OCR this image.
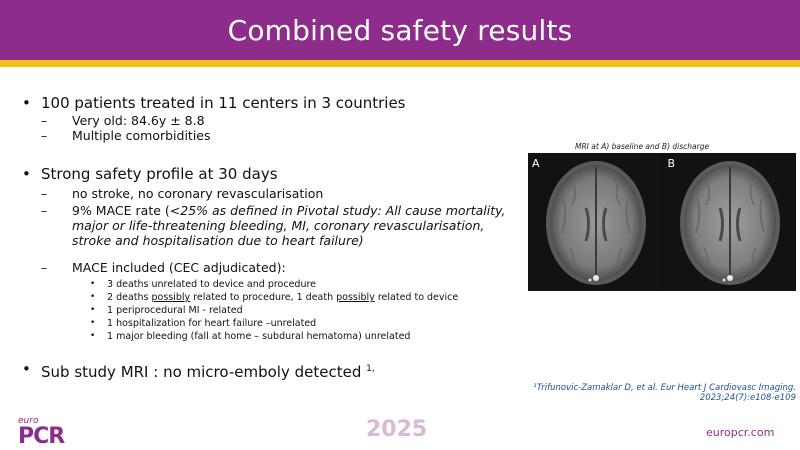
Combined safety results
• 100 patients treated in 11 centers in 3 countries
– Very old: 84.6y ± 8.8
– Multiple comorbidities
• Strong safety profile at 30 days
– no stroke, no coronary revascularisation
– 9% MACE rate (<25% as defined in Pivotal study: All cause mortality, major or life-threatening bleeding, MI, coronary revascularisation, stroke and hospitalisation due to heart failure)
– MACE included (CEC adjudicated):
• 3 deaths unrelated to device and procedure
• 2 deaths possibly related to procedure, 1 death possibly related to device
• 1 periprocedural MI - related
• 1 hospitalization for heart failure –unrelated
• 1 major bleeding (fall at home – subdural hematoma) unrelated
• Sub study MRI : no micro-emboly detected $^{1,}$
MRI at A) baseline and B) discharge
A	B
¹Trifunovic-Zamaklar D, et al. Eur Heart J Cardiovasc Imaging. 2023;24(7):e108-e109
euro
PCR	2025	europcr.com
